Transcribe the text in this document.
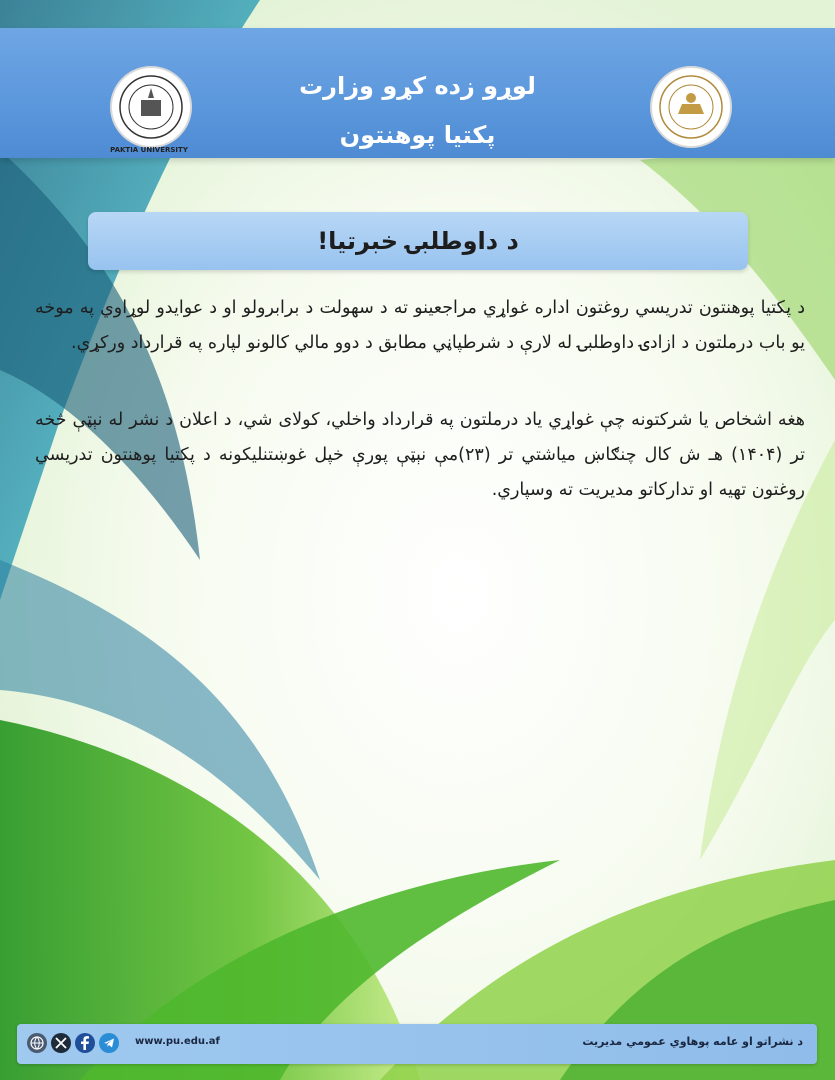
PAKTIA UNIVERSITY
لوړو زده کړو وزارت
پکتیا پوهنتون
د داوطلبۍ خبرتیا!
د پکتیا پوهنتون تدریسي روغتون اداره غواړي مراجعینو ته د سهولت د برابرولو او د عوایدو لوړاوي په موخه یو باب درملتون د ازادۍ داوطلبۍ له لارې د شرطپاڼي مطابق د دوو مالي کالونو لپاره په قرارداد ورکړي.
هغه اشخاص یا شرکتونه چې غواړي یاد درملتون په قرارداد واخلي، کولای شي، د اعلان د نشر له نېټې څخه تر (۱۴۰۴) هـ ش کال چنګاښ میاشتي تر (۲۳)مې نېټې پورې خپل غوښتنلیکونه د پکتیا پوهنتون تدریسي روغتون تهیه او تدارکاتو مدیریت ته وسپاري.
www.pu.edu.af	د نشراتو او عامه پوهاوي عمومي مدیریت
